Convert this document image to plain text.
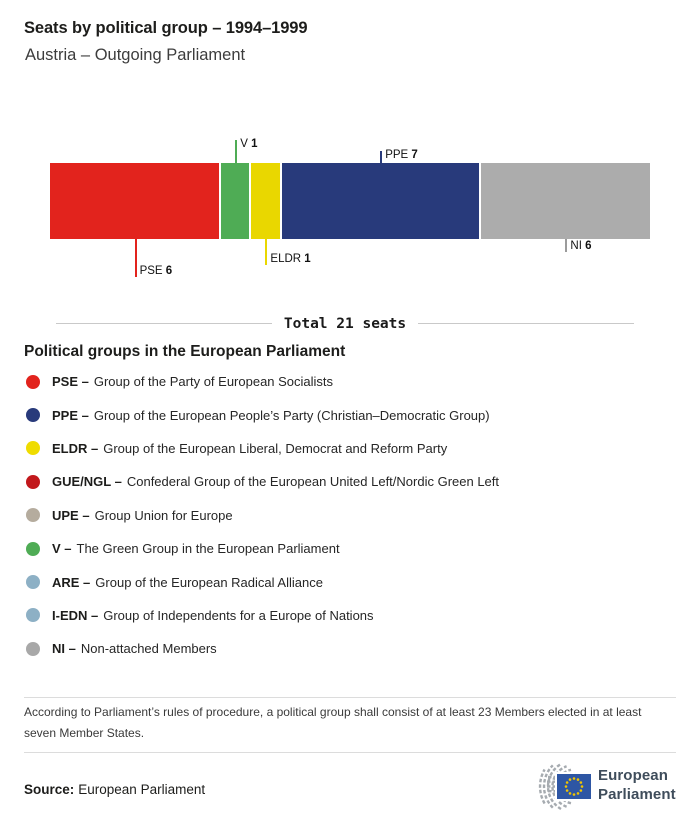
Seats by political group – 1994–1999
Austria – Outgoing Parliament
Total 21 seats
Political groups in the European Parliament
PSE – Group of the Party of European Socialists
PPE – Group of the European People’s Party (Christian–Democratic Group)
ELDR – Group of the European Liberal, Democrat and Reform Party
GUE/NGL – Confederal Group of the European United Left/Nordic Green Left
UPE – Group Union for Europe
V – The Green Group in the European Parliament
ARE – Group of the European Radical Alliance
I-EDN – Group of Independents for a Europe of Nations
NI – Non-attached Members
According to Parliament’s rules of procedure, a political group shall consist of at least 23 Members elected in at least seven Member States.
Source: European Parliament
European
Parliament
PSE 6
V 1
ELDR 1
PPE 7
NI 6
